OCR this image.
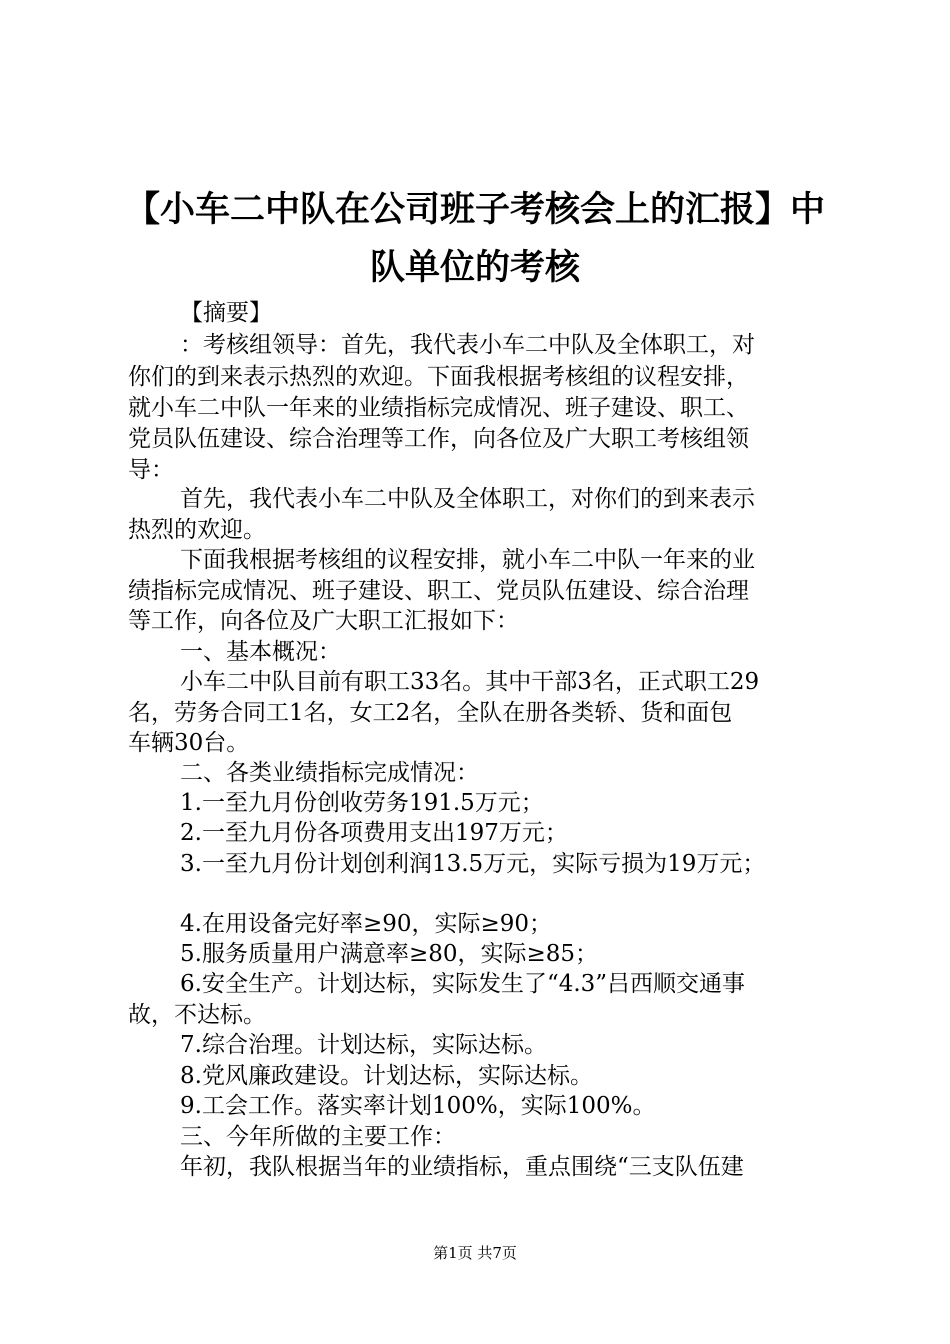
【小车二中队在公司班子考核会上的汇报】中
队单位的考核
【摘要】
：考核组领导：首先，我代表小车二中队及全体职工，对
你们的到来表示热烈的欢迎。下面我根据考核组的议程安排，
就小车二中队一年来的业绩指标完成情况、班子建设、职工、
党员队伍建设、综合治理等工作，向各位及广大职工考核组领
导：
首先，我代表小车二中队及全体职工，对你们的到来表示
热烈的欢迎。
下面我根据考核组的议程安排，就小车二中队一年来的业
绩指标完成情况、班子建设、职工、党员队伍建设、综合治理
等工作，向各位及广大职工汇报如下：
一、基本概况：
小车二中队目前有职工33名。其中干部3名，正式职工29
名，劳务合同工1名，女工2名，全队在册各类轿、货和面包
车辆30台。
二、各类业绩指标完成情况：
1.一至九月份创收劳务191.5万元；
2.一至九月份各项费用支出197万元；
3.一至九月份计划创利润13.5万元，实际亏损为19万元；
4.在用设备完好率≥90，实际≥90；
5.服务质量用户满意率≥80，实际≥85；
6.安全生产。计划达标，实际发生了“4.3”吕西顺交通事
故，不达标。
7.综合治理。计划达标，实际达标。
8.党风廉政建设。计划达标，实际达标。
9.工会工作。落实率计划100%，实际100%。
三、今年所做的主要工作：
年初，我队根据当年的业绩指标，重点围绕“三支队伍建
第1页 共7页
